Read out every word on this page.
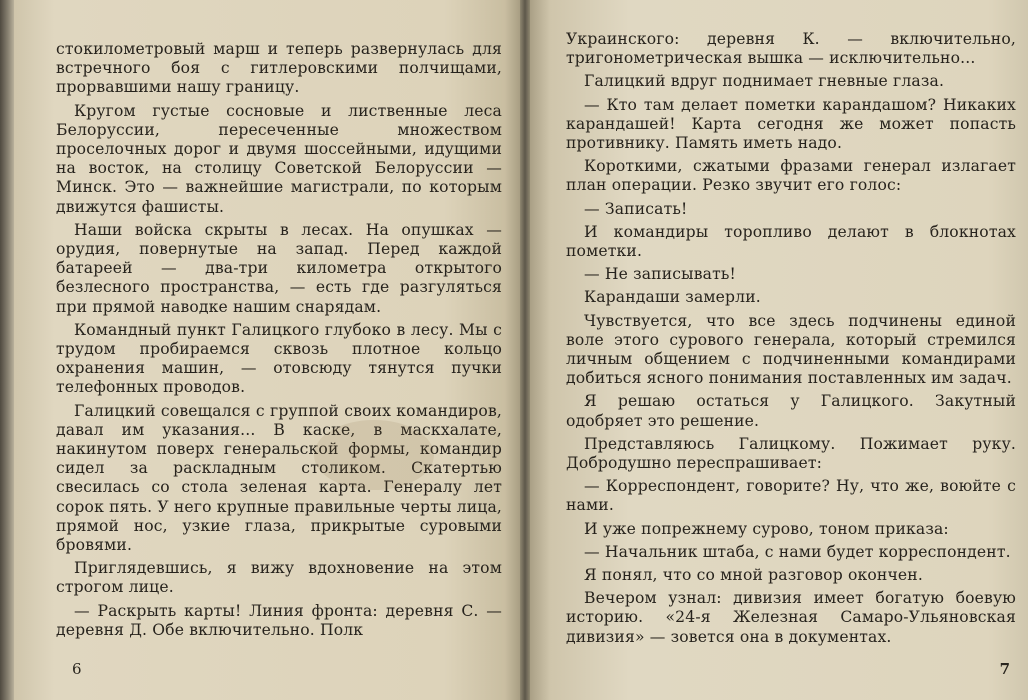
стокилометровый марш и теперь развернулась для встречного боя с гитлеровскими полчищами, прорвавшими нашу границу.

Кругом густые сосновые и лиственные леса Белоруссии, пересеченные множеством проселочных дорог и двумя шоссейными, идущими на восток, на столицу Советской Белоруссии — Минск. Это — важнейшие магистрали, по которым движутся фашисты.

Наши войска скрыты в лесах. На опушках — орудия, повернутые на запад. Перед каждой батареей — два-три километра открытого безлесного пространства, — есть где разгуляться при прямой наводке нашим снарядам.

Командный пункт Галицкого глубоко в лесу. Мы с трудом пробираемся сквозь плотное кольцо охранения машин, — отовсюду тянутся пучки телефонных проводов.

Галицкий совещался с группой своих командиров, давал им указания... В каске, в маскхалате, накинутом поверх генеральской формы, командир сидел за раскладным столиком. Скатертью свесилась со стола зеленая карта. Генералу лет сорок пять. У него крупные правильные черты лица, прямой нос, узкие глаза, прикрытые суровыми бровями.

Приглядевшись, я вижу вдохновение на этом строгом лице.

— Раскрыть карты! Линия фронта: деревня С. — деревня Д. Обе включительно. Полк

6

Украинского: деревня К. — включительно, тригонометрическая вышка — исключительно...

Галицкий вдруг поднимает гневные глаза.

— Кто там делает пометки карандашом? Никаких карандашей! Карта сегодня же может попасть противнику. Память иметь надо.

Короткими, сжатыми фразами генерал излагает план операции. Резко звучит его голос:

— Записать!

И командиры торопливо делают в блокнотах пометки.

— Не записывать!

Карандаши замерли.

Чувствуется, что все здесь подчинены единой воле этого сурового генерала, который стремился личным общением с подчиненными командирами добиться ясного понимания поставленных им задач.

Я решаю остаться у Галицкого. Закутный одобряет это решение.

Представляюсь Галицкому. Пожимает руку. Добродушно переспрашивает:

— Корреспондент, говорите? Ну, что же, воюйте с нами.

И уже попрежнему сурово, тоном приказа:

— Начальник штаба, с нами будет корреспондент.

Я понял, что со мной разговор окончен.

Вечером узнал: дивизия имеет богатую боевую историю. «24-я Железная Самаро-Ульяновская дивизия» — зовется она в документах.

7
